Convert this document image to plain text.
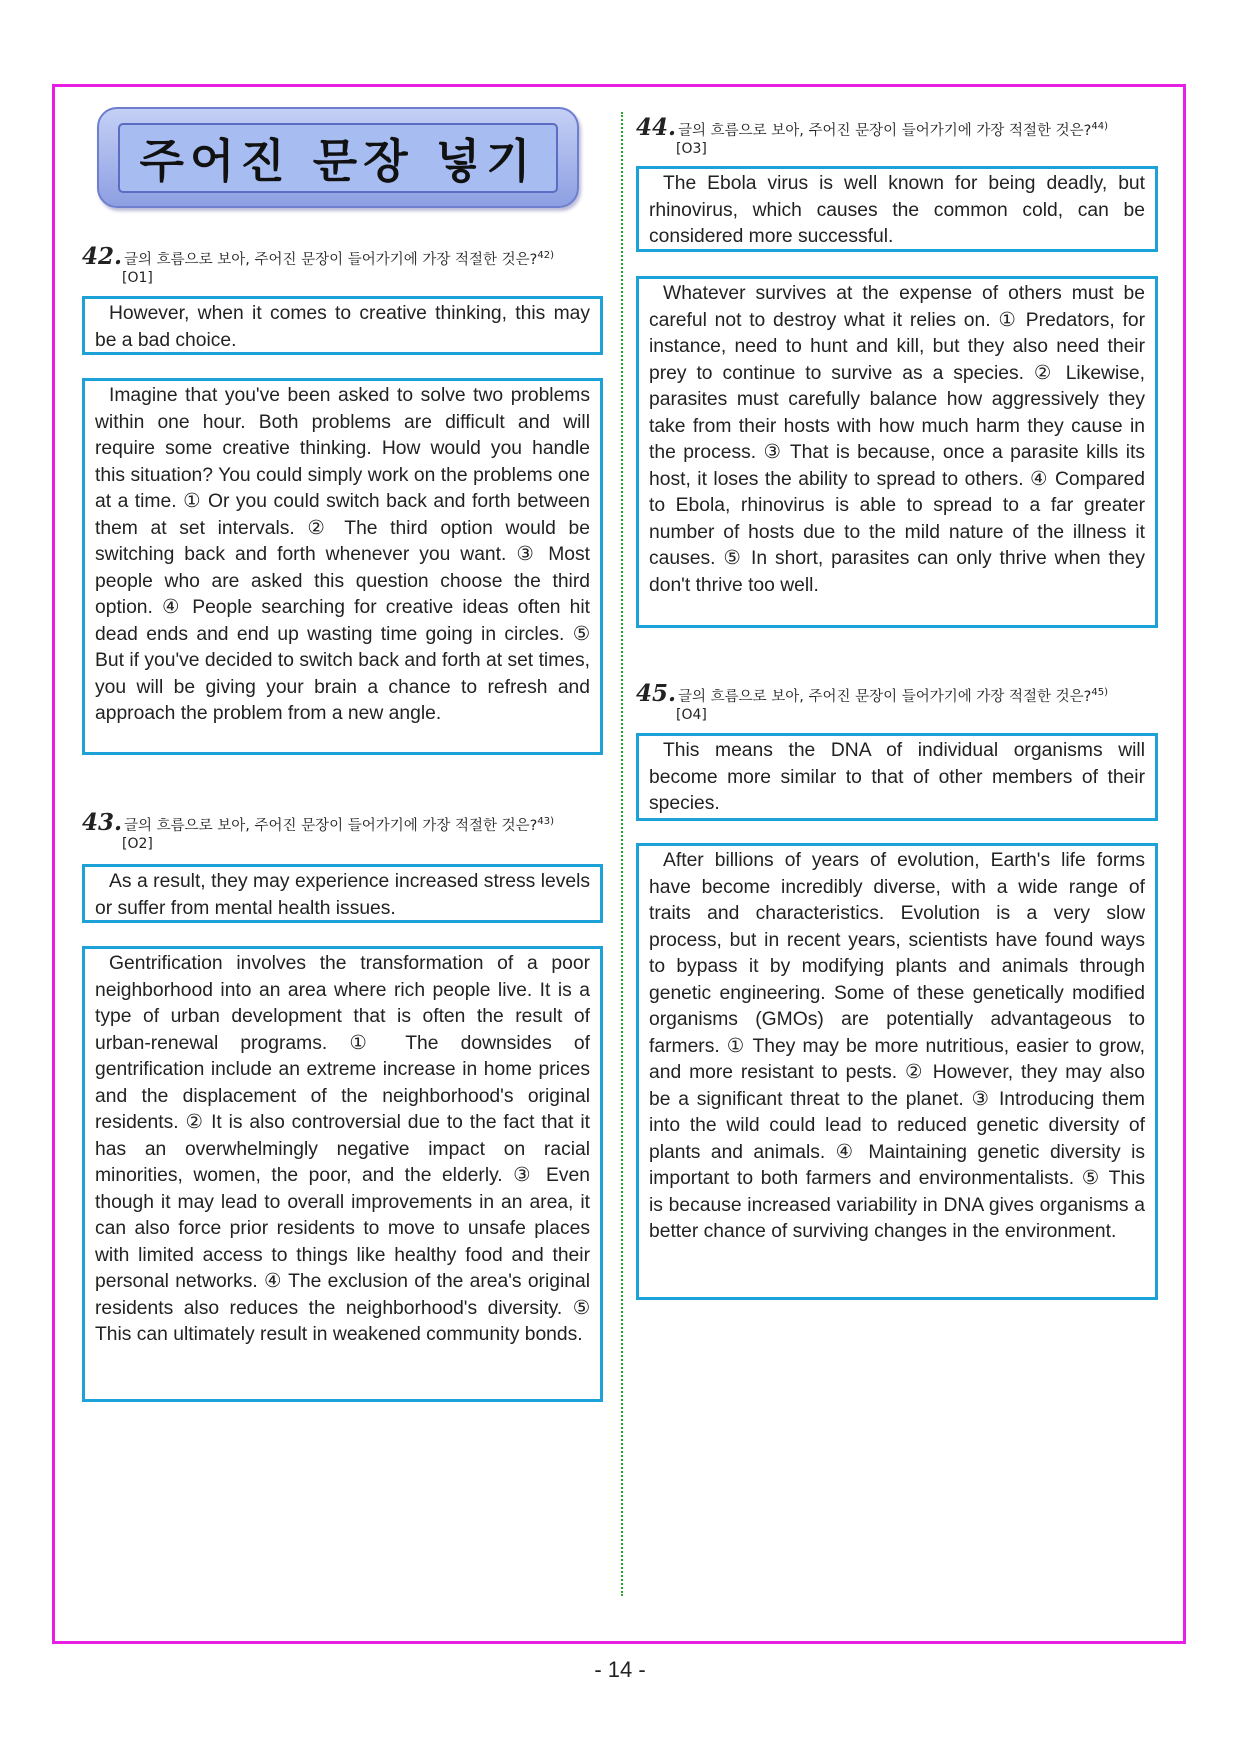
주어진 문장 넣기
42. 글의 흐름으로 보아, 주어진 문장이 들어가기에 가장 적절한 것은?$^{42)}$
[O1]
However, when it comes to creative thinking, this may be a bad choice.
Imagine that you've been asked to solve two problems within one hour. Both problems are difficult and will require some creative thinking. How would you handle this situation? You could simply work on the problems one at a time. ① Or you could switch back and forth between them at set intervals. ② The third option would be switching back and forth whenever you want. ③ Most people who are asked this question choose the third option. ④ People searching for creative ideas often hit dead ends and end up wasting time going in circles. ⑤ But if you've decided to switch back and forth at set times, you will be giving your brain a chance to refresh and approach the problem from a new angle.
43. 글의 흐름으로 보아, 주어진 문장이 들어가기에 가장 적절한 것은?$^{43)}$
[O2]
As a result, they may experience increased stress levels or suffer from mental health issues.
Gentrification involves the transformation of a poor neighborhood into an area where rich people live. It is a type of urban development that is often the result of urban-renewal programs. ① The downsides of gentrification include an extreme increase in home prices and the displacement of the neighborhood's original residents. ② It is also controversial due to the fact that it has an overwhelmingly negative impact on racial minorities, women, the poor, and the elderly. ③ Even though it may lead to overall improvements in an area, it can also force prior residents to move to unsafe places with limited access to things like healthy food and their personal networks. ④ The exclusion of the area's original residents also reduces the neighborhood's diversity. ⑤ This can ultimately result in weakened community bonds.
44. 글의 흐름으로 보아, 주어진 문장이 들어가기에 가장 적절한 것은?$^{44)}$
[O3]
The Ebola virus is well known for being deadly, but rhinovirus, which causes the common cold, can be considered more successful.
Whatever survives at the expense of others must be careful not to destroy what it relies on. ① Predators, for instance, need to hunt and kill, but they also need their prey to continue to survive as a species. ② Likewise, parasites must carefully balance how aggressively they take from their hosts with how much harm they cause in the process. ③ That is because, once a parasite kills its host, it loses the ability to spread to others. ④ Compared to Ebola, rhinovirus is able to spread to a far greater number of hosts due to the mild nature of the illness it causes. ⑤ In short, parasites can only thrive when they don't thrive too well.
45. 글의 흐름으로 보아, 주어진 문장이 들어가기에 가장 적절한 것은?$^{45)}$
[O4]
This means the DNA of individual organisms will become more similar to that of other members of their species.
After billions of years of evolution, Earth's life forms have become incredibly diverse, with a wide range of traits and characteristics. Evolution is a very slow process, but in recent years, scientists have found ways to bypass it by modifying plants and animals through genetic engineering. Some of these genetically modified organisms (GMOs) are potentially advantageous to farmers. ① They may be more nutritious, easier to grow, and more resistant to pests. ② However, they may also be a significant threat to the planet. ③ Introducing them into the wild could lead to reduced genetic diversity of plants and animals. ④ Maintaining genetic diversity is important to both farmers and environmentalists. ⑤ This is because increased variability in DNA gives organisms a better chance of surviving changes in the environment.
- 14 -
